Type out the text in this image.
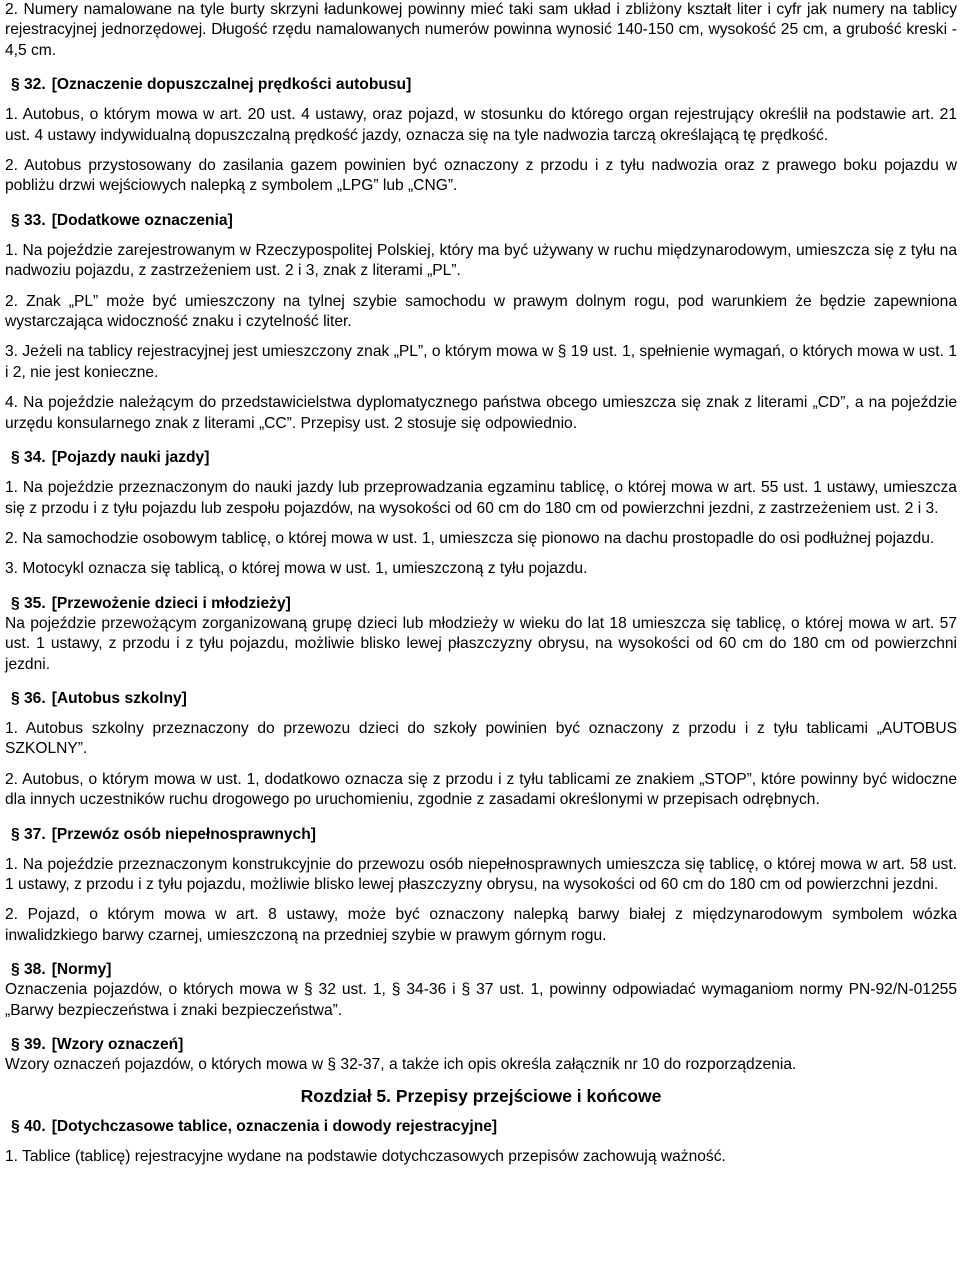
2. Numery namalowane na tyle burty skrzyni ładunkowej powinny mieć taki sam układ i zbliżony kształt liter i cyfr jak numery na tablicy rejestracyjnej jednorzędowej. Długość rzędu namalowanych numerów powinna wynosić 140-150 cm, wysokość 25 cm, a grubość kreski - 4,5 cm.

§ 32. [Oznaczenie dopuszczalnej prędkości autobusu]

1. Autobus, o którym mowa w art. 20 ust. 4 ustawy, oraz pojazd, w stosunku do którego organ rejestrujący określił na podstawie art. 21 ust. 4 ustawy indywidualną dopuszczalną prędkość jazdy, oznacza się na tyle nadwozia tarczą określającą tę prędkość.

2. Autobus przystosowany do zasilania gazem powinien być oznaczony z przodu i z tyłu nadwozia oraz z prawego boku pojazdu w pobliżu drzwi wejściowych nalepką z symbolem „LPG” lub „CNG”.

§ 33. [Dodatkowe oznaczenia]

1. Na pojeździe zarejestrowanym w Rzeczypospolitej Polskiej, który ma być używany w ruchu międzynarodowym, umieszcza się z tyłu na nadwoziu pojazdu, z zastrzeżeniem ust. 2 i 3, znak z literami „PL”.

2. Znak „PL” może być umieszczony na tylnej szybie samochodu w prawym dolnym rogu, pod warunkiem że będzie zapewniona wystarczająca widoczność znaku i czytelność liter.

3. Jeżeli na tablicy rejestracyjnej jest umieszczony znak „PL”, o którym mowa w § 19 ust. 1, spełnienie wymagań, o których mowa w ust. 1 i 2, nie jest konieczne.

4. Na pojeździe należącym do przedstawicielstwa dyplomatycznego państwa obcego umieszcza się znak z literami „CD”, a na pojeździe urzędu konsularnego znak z literami „CC”. Przepisy ust. 2 stosuje się odpowiednio.

§ 34. [Pojazdy nauki jazdy]

1. Na pojeździe przeznaczonym do nauki jazdy lub przeprowadzania egzaminu tablicę, o której mowa w art. 55 ust. 1 ustawy, umieszcza się z przodu i z tyłu pojazdu lub zespołu pojazdów, na wysokości od 60 cm do 180 cm od powierzchni jezdni, z zastrzeżeniem ust. 2 i 3.

2. Na samochodzie osobowym tablicę, o której mowa w ust. 1, umieszcza się pionowo na dachu prostopadle do osi podłużnej pojazdu.

3. Motocykl oznacza się tablicą, o której mowa w ust. 1, umieszczoną z tyłu pojazdu.

§ 35. [Przewożenie dzieci i młodzieży]

Na pojeździe przewożącym zorganizowaną grupę dzieci lub młodzieży w wieku do lat 18 umieszcza się tablicę, o której mowa w art. 57 ust. 1 ustawy, z przodu i z tyłu pojazdu, możliwie blisko lewej płaszczyzny obrysu, na wysokości od 60 cm do 180 cm od powierzchni jezdni.

§ 36. [Autobus szkolny]

1. Autobus szkolny przeznaczony do przewozu dzieci do szkoły powinien być oznaczony z przodu i z tyłu tablicami „AUTOBUS SZKOLNY”.

2. Autobus, o którym mowa w ust. 1, dodatkowo oznacza się z przodu i z tyłu tablicami ze znakiem „STOP”, które powinny być widoczne dla innych uczestników ruchu drogowego po uruchomieniu, zgodnie z zasadami określonymi w przepisach odrębnych.

§ 37. [Przewóz osób niepełnosprawnych]

1. Na pojeździe przeznaczonym konstrukcyjnie do przewozu osób niepełnosprawnych umieszcza się tablicę, o której mowa w art. 58 ust. 1 ustawy, z przodu i z tyłu pojazdu, możliwie blisko lewej płaszczyzny obrysu, na wysokości od 60 cm do 180 cm od powierzchni jezdni.

2. Pojazd, o którym mowa w art. 8 ustawy, może być oznaczony nalepką barwy białej z międzynarodowym symbolem wózka inwalidzkiego barwy czarnej, umieszczoną na przedniej szybie w prawym górnym rogu.

§ 38. [Normy]

Oznaczenia pojazdów, o których mowa w § 32 ust. 1, § 34-36 i § 37 ust. 1, powinny odpowiadać wymaganiom normy PN-92/N-01255 „Barwy bezpieczeństwa i znaki bezpieczeństwa”.

§ 39. [Wzory oznaczeń]

Wzory oznaczeń pojazdów, o których mowa w § 32-37, a także ich opis określa załącznik nr 10 do rozporządzenia.

Rozdział 5. Przepisy przejściowe i końcowe

§ 40. [Dotychczasowe tablice, oznaczenia i dowody rejestracyjne]

1. Tablice (tablicę) rejestracyjne wydane na podstawie dotychczasowych przepisów zachowują ważność.
